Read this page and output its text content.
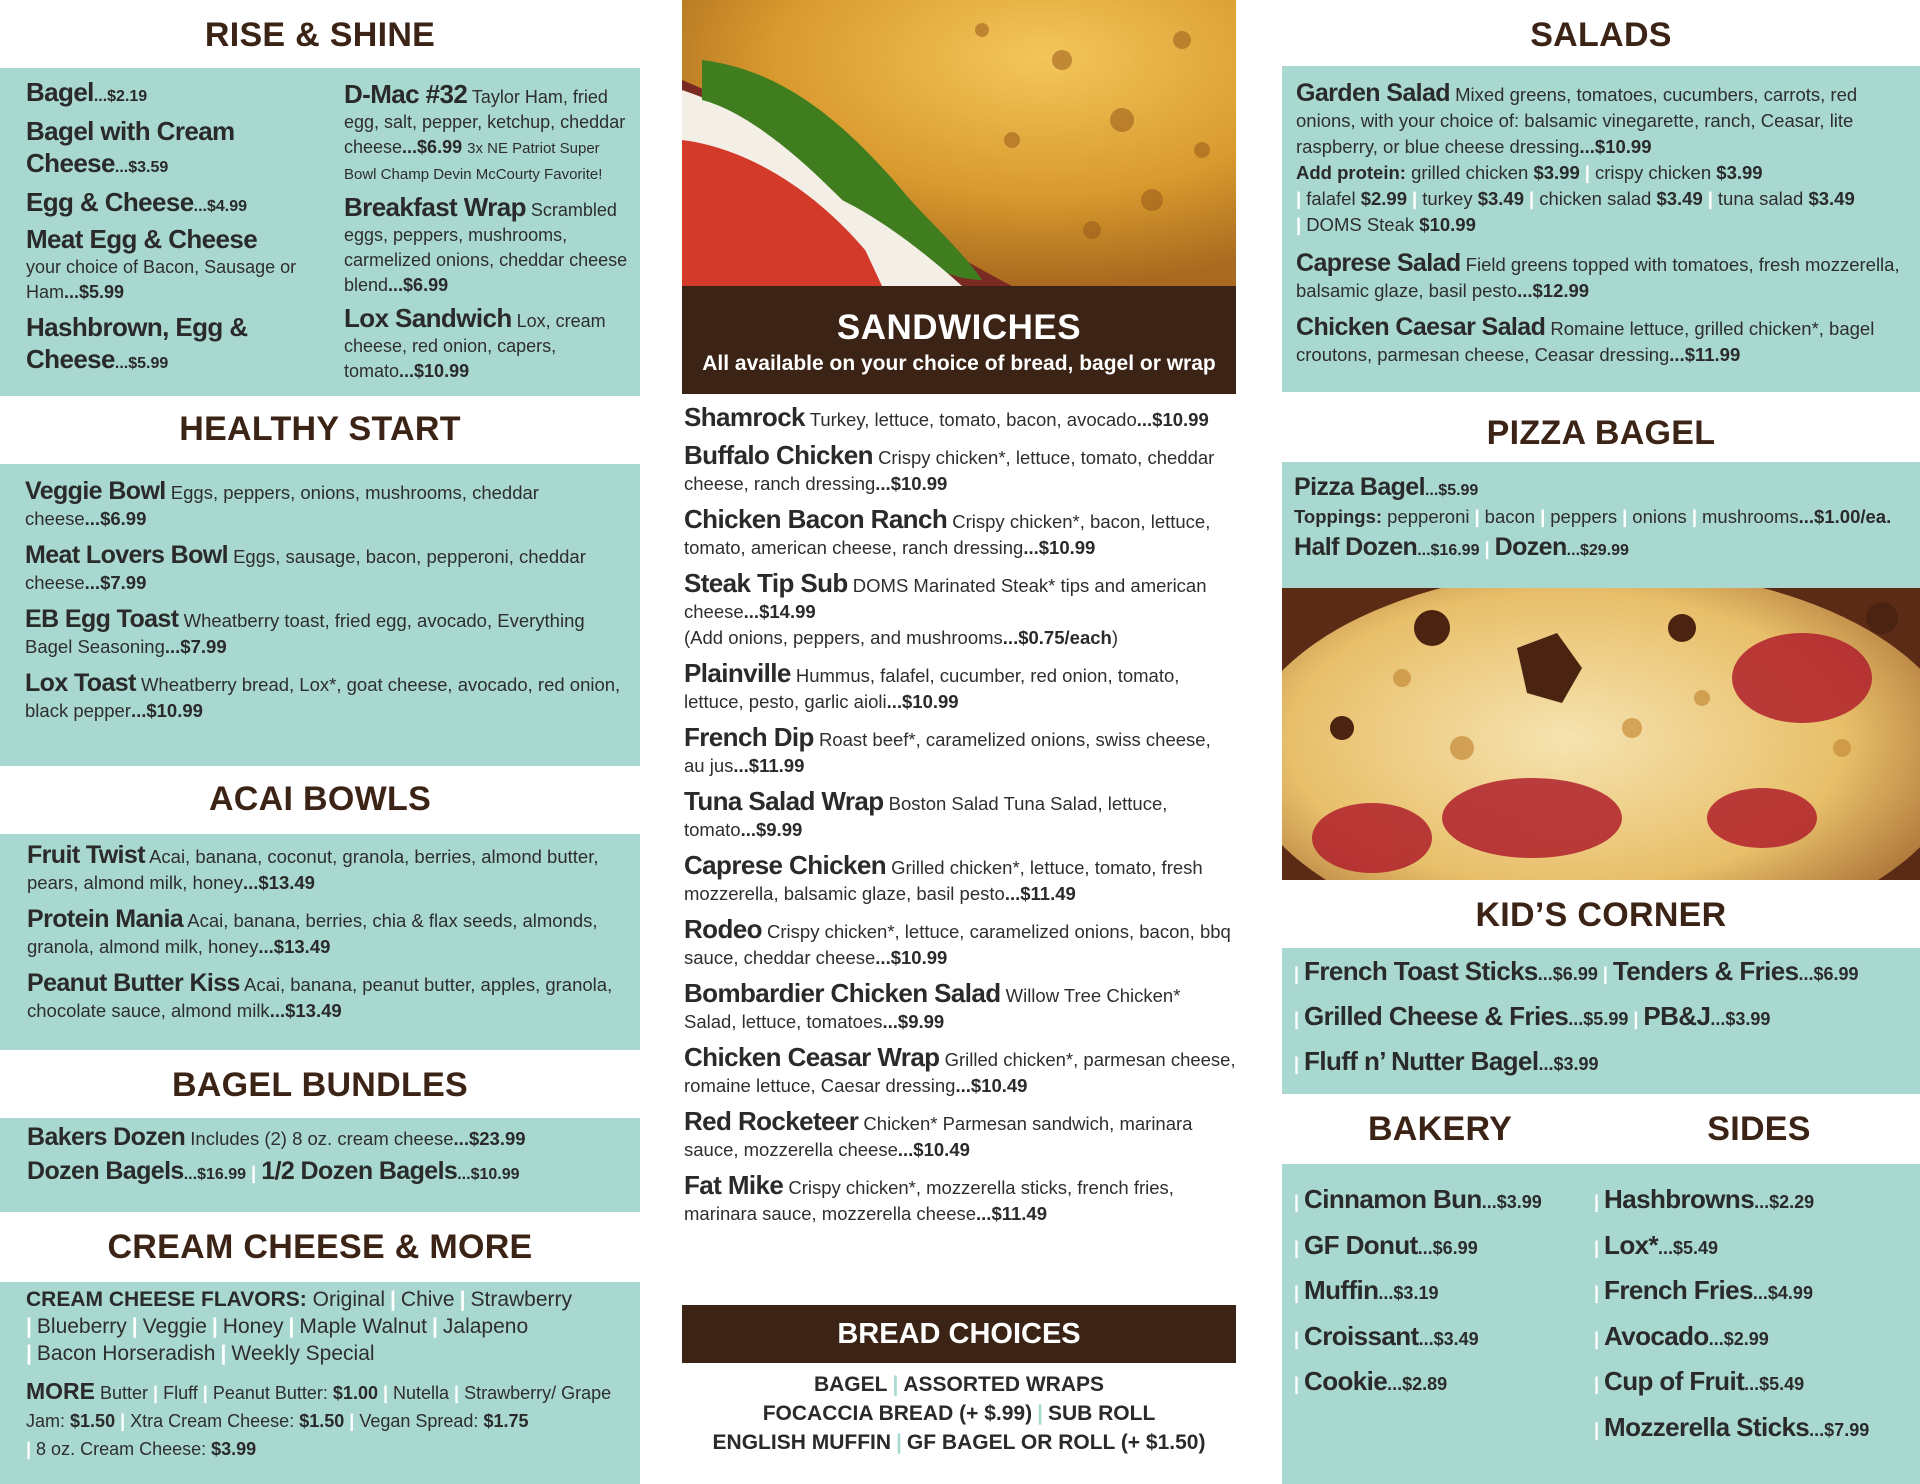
RISE & SHINE
Bagel...$2.19
Bagel with Cream Cheese...$3.59
Egg & Cheese...$4.99
Meat Egg & Cheese
your choice of Bacon, Sausage or Ham...$5.99
Hashbrown, Egg & Cheese...$5.99
D-Mac #32 Taylor Ham, fried egg, salt, pepper, ketchup, cheddar cheese...$6.99 3x NE Patriot Super Bowl Champ Devin McCourty Favorite!
Breakfast Wrap Scrambled eggs, peppers, mushrooms, carmelized onions, cheddar cheese blend...$6.99
Lox Sandwich Lox, cream cheese, red onion, capers, tomato...$10.99
HEALTHY START
Veggie Bowl Eggs, peppers, onions, mushrooms, cheddar cheese...$6.99
Meat Lovers Bowl Eggs, sausage, bacon, pepperoni, cheddar cheese...$7.99
EB Egg Toast Wheatberry toast, fried egg, avocado, Everything Bagel Seasoning...$7.99
Lox Toast Wheatberry bread, Lox*, goat cheese, avocado, red onion, black pepper...$10.99
ACAI BOWLS
Fruit Twist Acai, banana, coconut, granola, berries, almond butter, pears, almond milk, honey...$13.49
Protein Mania Acai, banana, berries, chia & flax seeds, almonds, granola, almond milk, honey...$13.49
Peanut Butter Kiss Acai, banana, peanut butter, apples, granola, chocolate sauce, almond milk...$13.49
BAGEL BUNDLES
Bakers Dozen Includes (2) 8 oz. cream cheese...$23.99
Dozen Bagels...$16.99 | 1/2 Dozen Bagels...$10.99
CREAM CHEESE & MORE
CREAM CHEESE FLAVORS: Original | Chive | Strawberry
| Blueberry | Veggie | Honey | Maple Walnut | Jalapeno
| Bacon Horseradish | Weekly Special
MORE Butter | Fluff | Peanut Butter: $1.00 | Nutella | Strawberry/ Grape Jam: $1.50 | Xtra Cream Cheese: $1.50 | Vegan Spread: $1.75
| 8 oz. Cream Cheese: $3.99
SANDWICHES
All available on your choice of bread, bagel or wrap
Shamrock Turkey, lettuce, tomato, bacon, avocado...$10.99
Buffalo Chicken Crispy chicken*, lettuce, tomato, cheddar cheese, ranch dressing...$10.99
Chicken Bacon Ranch Crispy chicken*, bacon, lettuce, tomato, american cheese, ranch dressing...$10.99
Steak Tip Sub DOMS Marinated Steak* tips and american cheese...$14.99
(Add onions, peppers, and mushrooms...$0.75/each)
Plainville Hummus, falafel, cucumber, red onion, tomato, lettuce, pesto, garlic aioli...$10.99
French Dip Roast beef*, caramelized onions, swiss cheese, au jus...$11.99
Tuna Salad Wrap Boston Salad Tuna Salad, lettuce, tomato...$9.99
Caprese Chicken Grilled chicken*, lettuce, tomato, fresh mozzerella, balsamic glaze, basil pesto...$11.49
Rodeo Crispy chicken*, lettuce, caramelized onions, bacon, bbq sauce, cheddar cheese...$10.99
Bombardier Chicken Salad Willow Tree Chicken* Salad, lettuce, tomatoes...$9.99
Chicken Ceasar Wrap Grilled chicken*, parmesan cheese, romaine lettuce, Caesar dressing...$10.49
Red Rocketeer Chicken* Parmesan sandwich, marinara sauce, mozzerella cheese...$10.49
Fat Mike Crispy chicken*, mozzerella sticks, french fries, marinara sauce, mozzerella cheese...$11.49
BREAD CHOICES
BAGEL | ASSORTED WRAPS
FOCACCIA BREAD (+ $.99) | SUB ROLL
ENGLISH MUFFIN | GF BAGEL OR ROLL (+ $1.50)
SALADS
Garden Salad Mixed greens, tomatoes, cucumbers, carrots, red onions, with your choice of: balsamic vinegarette, ranch, Ceasar, lite raspberry, or blue cheese dressing...$10.99
Add protein: grilled chicken $3.99 | crispy chicken $3.99
| falafel $2.99 | turkey $3.49 | chicken salad $3.49 | tuna salad $3.49
| DOMS Steak $10.99
Caprese Salad Field greens topped with tomatoes, fresh mozzerella, balsamic glaze, basil pesto...$12.99
Chicken Caesar Salad Romaine lettuce, grilled chicken*, bagel croutons, parmesan cheese, Ceasar dressing...$11.99
PIZZA BAGEL
Pizza Bagel...$5.99
Toppings: pepperoni | bacon | peppers | onions | mushrooms...$1.00/ea.
Half Dozen...$16.99 | Dozen...$29.99
KID’S CORNER
| French Toast Sticks...$6.99 | Tenders & Fries...$6.99
| Grilled Cheese & Fries...$5.99 | PB&J...$3.99
| Fluff n’ Nutter Bagel...$3.99
BAKERY	SIDES
| Cinnamon Bun...$3.99
| GF Donut...$6.99
| Muffin...$3.19
| Croissant...$3.49
| Cookie...$2.89
| Hashbrowns...$2.29
| Lox*...$5.49
| French Fries...$4.99
| Avocado...$2.99
| Cup of Fruit...$5.49
| Mozzerella Sticks...$7.99
